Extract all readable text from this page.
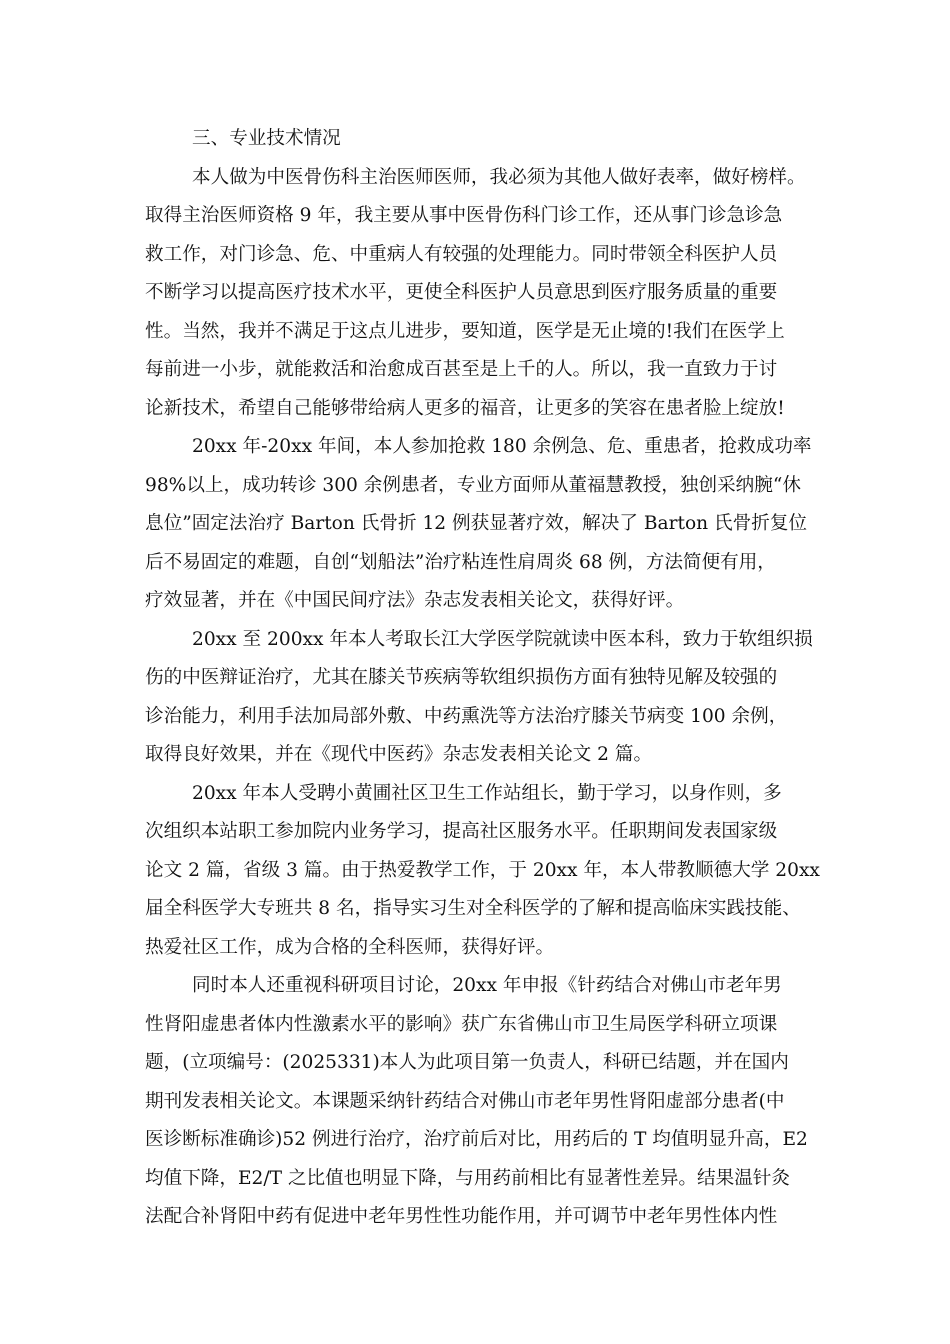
三、专业技术情况
本人做为中医骨伤科主治医师医师，我必须为其他人做好表率，做好榜样。
取得主治医师资格 9 年，我主要从事中医骨伤科门诊工作，还从事门诊急诊急
救工作，对门诊急、危、中重病人有较强的处理能力。同时带领全科医护人员
不断学习以提高医疗技术水平，更使全科医护人员意思到医疗服务质量的重要
性。当然，我并不满足于这点儿进步，要知道，医学是无止境的!我们在医学上
每前进一小步，就能救活和治愈成百甚至是上千的人。所以，我一直致力于讨
论新技术，希望自己能够带给病人更多的福音，让更多的笑容在患者脸上绽放!
20xx 年-20xx 年间，本人参加抢救 180 余例急、危、重患者，抢救成功率
98%以上，成功转诊 300 余例患者，专业方面师从董福慧教授，独创采纳腕“休
息位”固定法治疗 Barton 氏骨折 12 例获显著疗效，解决了 Barton 氏骨折复位
后不易固定的难题，自创“划船法”治疗粘连性肩周炎 68 例，方法简便有用，
疗效显著，并在《中国民间疗法》杂志发表相关论文，获得好评。
20xx 至 200xx 年本人考取长江大学医学院就读中医本科，致力于软组织损
伤的中医辩证治疗，尤其在膝关节疾病等软组织损伤方面有独特见解及较强的
诊治能力，利用手法加局部外敷、中药熏洗等方法治疗膝关节病变 100 余例，
取得良好效果，并在《现代中医药》杂志发表相关论文 2 篇。
20xx 年本人受聘小黄圃社区卫生工作站组长，勤于学习，以身作则，多
次组织本站职工参加院内业务学习，提高社区服务水平。任职期间发表国家级
论文 2 篇，省级 3 篇。由于热爱教学工作，于 20xx 年，本人带教顺德大学 20xx
届全科医学大专班共 8 名，指导实习生对全科医学的了解和提高临床实践技能、
热爱社区工作，成为合格的全科医师，获得好评。
同时本人还重视科研项目讨论，20xx 年申报《针药结合对佛山市老年男
性肾阳虚患者体内性激素水平的影响》获广东省佛山市卫生局医学科研立项课
题，(立项编号：(2025331)本人为此项目第一负责人，科研已结题，并在国内
期刊发表相关论文。本课题采纳针药结合对佛山市老年男性肾阳虚部分患者(中
医诊断标准确诊)52 例进行治疗，治疗前后对比，用药后的 T 均值明显升高，E2
均值下降，E2/T 之比值也明显下降，与用药前相比有显著性差异。结果温针灸
法配合补肾阳中药有促进中老年男性性功能作用，并可调节中老年男性体内性
